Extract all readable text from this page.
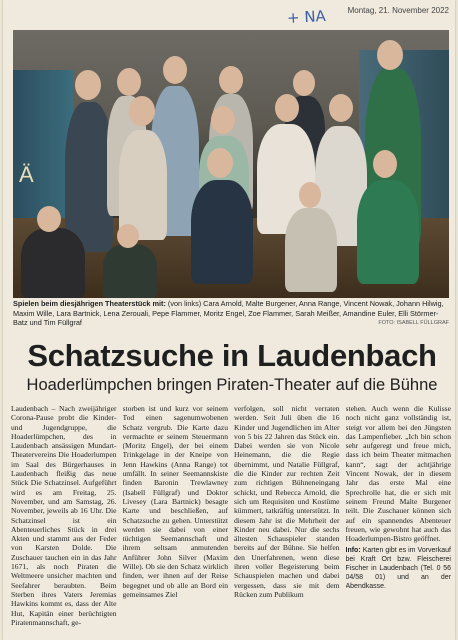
+ NA	Montag, 21. November 2022
Ä
Spielen beim diesjährigen Theaterstück mit: (von links) Cara Arnold, Malte Burgener, Anna Range, Vincent Nowak, Johann Hilwig, Maxim Wille, Lara Bartnick, Lena Zerouali, Pepe Flammer, Moritz Engel, Zoe Flammer, Sarah Meißer, Amandine Euler, Elli Störmer-Batz und Tim Füllgraf	FOTO: ISABELL FÜLLGRAF
Schatzsuche in Laudenbach
Hoaderlümpchen bringen Piraten-Theater auf die Bühne

Laudenbach – Nach zweijähriger Corona-Pause probt die Kinder- und Jugendgruppe, die Hoaderlümpchen, des in Laudenbach ansässigen Mundart-Theatervereins Die Hoaderlumpen im Saal des Bürgerhauses in Laudenbach fleißig das neue Stück Die Schatzinsel. Aufgeführt wird es am Freitag, 25. November, und am Samstag, 26. November, jeweils ab 16 Uhr. Die Schatzinsel ist ein Abenteuerliches Stück in drei Akten und stammt aus der Feder von Karsten Dolde. Die Zuschauer tauchen ein in das Jahr 1671, als noch Piraten die Weltmeere unsicher machten und Seefahrer beraubten. Beim Sterben ihres Vaters Jeremias Hawkins kommt es, dass der Alte Hut, Kapitän einer berüchtigten Piratenmannschaft, ge-

storben ist und kurz vor seinem Tod einen sagenumwobenen Schatz vergrub. Die Karte dazu vermachte er seinem Steuermann (Moritz Engel), der bei einem Trinkgelage in der Kneipe von Jenn Hawkins (Anna Range) tot umfällt. In seiner Seemannskiste finden Baronin Trewlawney (Isabell Füllgraf) und Doktor Livesey (Lara Bartnick) besagte Karte und beschließen, auf Schatzsuche zu gehen. Unterstützt werden sie dabei von einer tüchtigen Seemannschaft und ihrem seltsam anmutenden Anführer John Silver (Maxim Wille). Ob sie den Schatz wirklich finden, wer ihnen auf der Reise begegnet und ob alle an Bord ein gemeinsames Ziel

verfolgen, soll nicht verraten werden. Seit Juli üben die 16 Kinder und Jugendlichen im Alter von 5 bis 22 Jahren das Stück ein. Dabei werden sie von Nicole Heinemann, die die Regie übernimmt, und Natalie Füllgraf, die die Kinder zur rechten Zeit zum richtigen Bühneneingang schickt, und Rebecca Arnold, die sich um Requisiten und Kostüme kümmert, tatkräftig unterstützt. In diesem Jahr ist die Mehrheit der Kinder neu dabei. Nur die sechs ältesten Schauspieler standen bereits auf der Bühne. Sie helfen den Unerfahrenen, wenn diese ihren voller Begeisterung beim Schauspielen machen und dabei vergessen, dass sie mit dem Rücken zum Publikum

stehen. Auch wenn die Kulisse noch nicht ganz vollständig ist, steigt vor allem bei den Jüngsten das Lampenfieber. „Ich bin schon sehr aufgeregt und freue mich, dass ich beim Theater mitmachen kann“, sagt der achtjährige Vincent Nowak, der in diesem Jahr das erste Mal eine Sprechrolle hat, die er sich mit seinem Freund Malte Burgener teilt. Die Zuschauer können sich auf ein spannendes Abenteuer freuen, wie gewohnt hat auch das Hoaderlumpen-Bistro geöffnet.

Info: Karten gibt es im Vorverkauf bei Kraft Ort bzw. Fleischerei Fischer in Laudenbach (Tel. 0 56 04/58 01) und an der Abendkasse.
